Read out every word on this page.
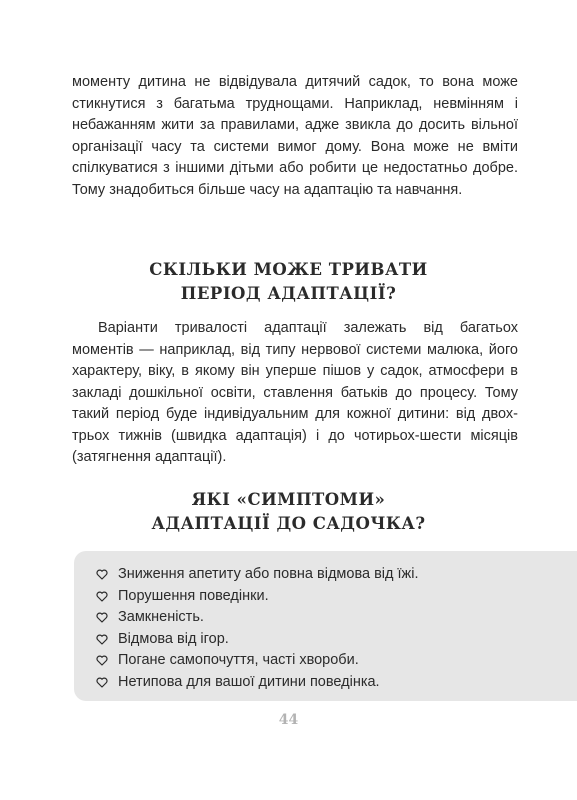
моменту дитина не відвідувала дитячий садок, то вона може стикнутися з багатьма труднощами. Наприклад, невмінням і небажанням жити за правилами, адже звикла до досить вільної організації часу та системи вимог дому. Вона може не вміти спілкуватися з іншими дітьми або робити це недостатньо добре. Тому знадобиться більше часу на адаптацію та навчання.

СКІЛЬКИ МОЖЕ ТРИВАТИ
ПЕРІОД АДАПТАЦІЇ?

Варіанти тривалості адаптації залежать від багатьох моментів — наприклад, від типу нервової системи малюка, його характеру, віку, в якому він уперше пішов у садок, атмосфери в закладі дошкільної освіти, ставлення батьків до процесу. Тому такий період буде індивідуальним для кожної дитини: від двох-трьох тижнів (швидка адаптація) і до чотирьох-шести місяців (затягнення адаптації).

ЯКІ «СИМПТОМИ»
АДАПТАЦІЇ ДО САДОЧКА?
Зниження апетиту або повна відмова від їжі.
Порушення поведінки.
Замкненість.
Відмова від ігор.
Погане самопочуття, часті хвороби.
Нетипова для вашої дитини поведінка.
44
